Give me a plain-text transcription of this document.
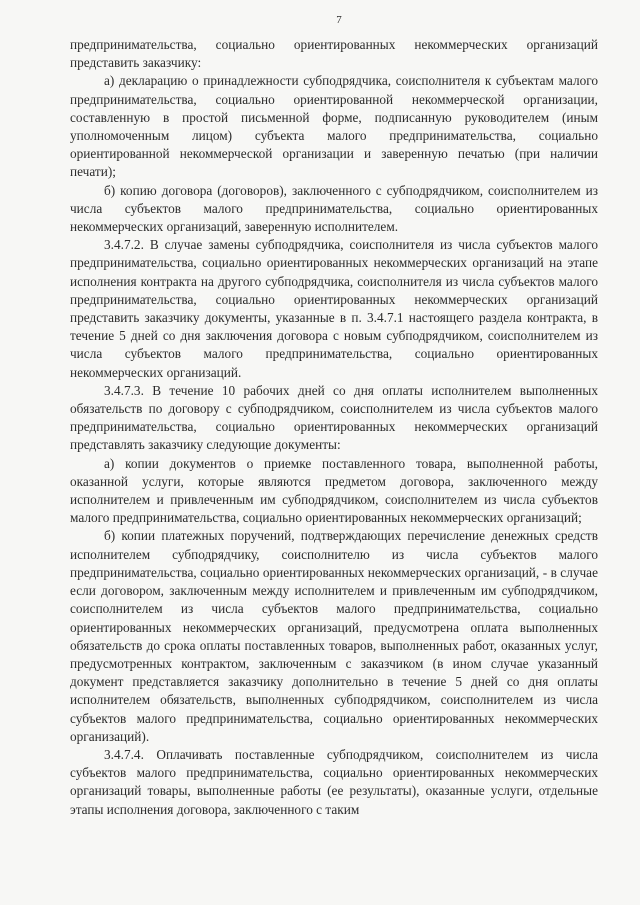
7

предпринимательства, социально ориентированных некоммерческих организаций представить заказчику:

а) декларацию о принадлежности субподрядчика, соисполнителя к субъектам малого предпринимательства, социально ориентированной некоммерческой организации, составленную в простой письменной форме, подписанную руководителем (иным уполномоченным лицом) субъекта малого предпринимательства, социально ориентированной некоммерческой организации и заверенную печатью (при наличии печати);

б) копию договора (договоров), заключенного с субподрядчиком, соисполнителем из числа субъектов малого предпринимательства, социально ориентированных некоммерческих организаций, заверенную исполнителем.

3.4.7.2. В случае замены субподрядчика, соисполнителя из числа субъектов малого предпринимательства, социально ориентированных некоммерческих организаций на этапе исполнения контракта на другого субподрядчика, соисполнителя из числа субъектов малого предпринимательства, социально ориентированных некоммерческих организаций представить заказчику документы, указанные в п. 3.4.7.1 настоящего раздела контракта, в течение 5 дней со дня заключения договора с новым субподрядчиком, соисполнителем из числа субъектов малого предпринимательства, социально ориентированных некоммерческих организаций.

3.4.7.3. В течение 10 рабочих дней со дня оплаты исполнителем выполненных обязательств по договору с субподрядчиком, соисполнителем из числа субъектов малого предпринимательства, социально ориентированных некоммерческих организаций представлять заказчику следующие документы:

а) копии документов о приемке поставленного товара, выполненной работы, оказанной услуги, которые являются предметом договора, заключенного между исполнителем и привлеченным им субподрядчиком, соисполнителем из числа субъектов малого предпринимательства, социально ориентированных некоммерческих организаций;

б) копии платежных поручений, подтверждающих перечисление денежных средств исполнителем субподрядчику, соисполнителю из числа субъектов малого предпринимательства, социально ориентированных некоммерческих организаций, - в случае если договором, заключенным между исполнителем и привлеченным им субподрядчиком, соисполнителем из числа субъектов малого предпринимательства, социально ориентированных некоммерческих организаций, предусмотрена оплата выполненных обязательств до срока оплаты поставленных товаров, выполненных работ, оказанных услуг, предусмотренных контрактом, заключенным с заказчиком (в ином случае указанный документ представляется заказчику дополнительно в течение 5 дней со дня оплаты исполнителем обязательств, выполненных субподрядчиком, соисполнителем из числа субъектов малого предпринимательства, социально ориентированных некоммерческих организаций).

3.4.7.4. Оплачивать поставленные субподрядчиком, соисполнителем из числа субъектов малого предпринимательства, социально ориентированных некоммерческих организаций товары, выполненные работы (ее результаты), оказанные услуги, отдельные этапы исполнения договора, заключенного с таким
